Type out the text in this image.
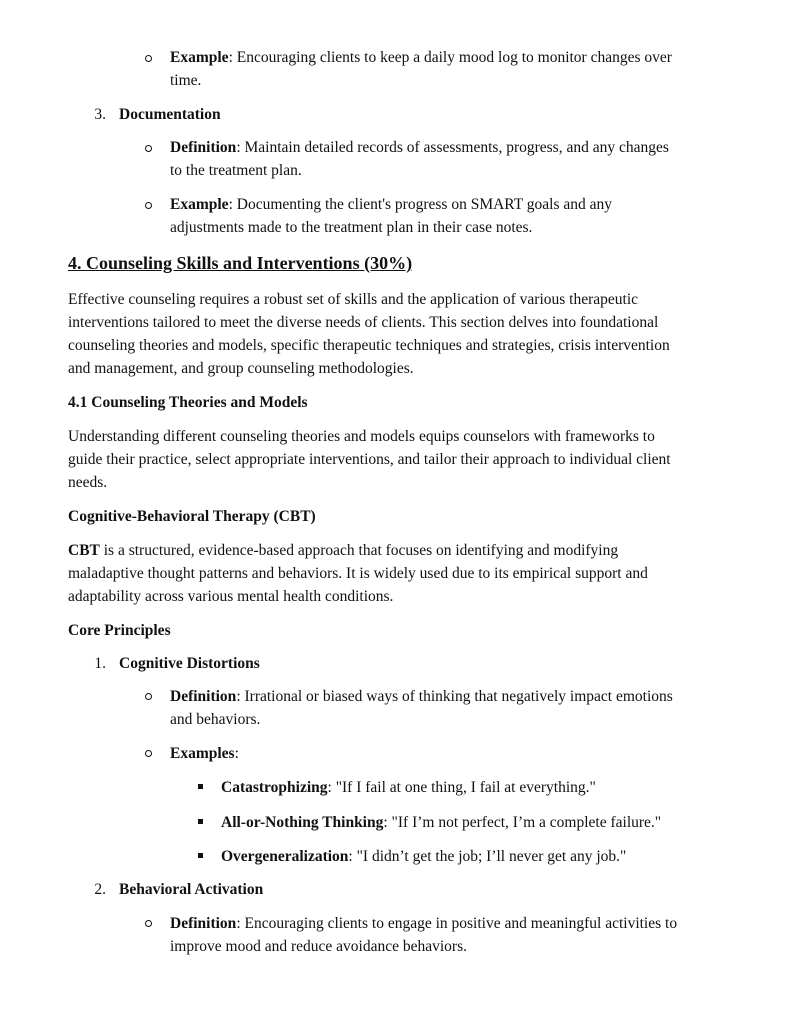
Example: Encouraging clients to keep a daily mood log to monitor changes over
time.
3. Documentation
Definition: Maintain detailed records of assessments, progress, and any changes
to the treatment plan.
Example: Documenting the client's progress on SMART goals and any
adjustments made to the treatment plan in their case notes.
4. Counseling Skills and Interventions (30%)
Effective counseling requires a robust set of skills and the application of various therapeutic
interventions tailored to meet the diverse needs of clients. This section delves into foundational
counseling theories and models, specific therapeutic techniques and strategies, crisis intervention
and management, and group counseling methodologies.
4.1 Counseling Theories and Models
Understanding different counseling theories and models equips counselors with frameworks to
guide their practice, select appropriate interventions, and tailor their approach to individual client
needs.
Cognitive-Behavioral Therapy (CBT)
CBT is a structured, evidence-based approach that focuses on identifying and modifying
maladaptive thought patterns and behaviors. It is widely used due to its empirical support and
adaptability across various mental health conditions.
Core Principles
1. Cognitive Distortions
Definition: Irrational or biased ways of thinking that negatively impact emotions
and behaviors.
Examples:
Catastrophizing: "If I fail at one thing, I fail at everything."
All-or-Nothing Thinking: "If I’m not perfect, I’m a complete failure."
Overgeneralization: "I didn’t get the job; I’ll never get any job."
2. Behavioral Activation
Definition: Encouraging clients to engage in positive and meaningful activities to
improve mood and reduce avoidance behaviors.
